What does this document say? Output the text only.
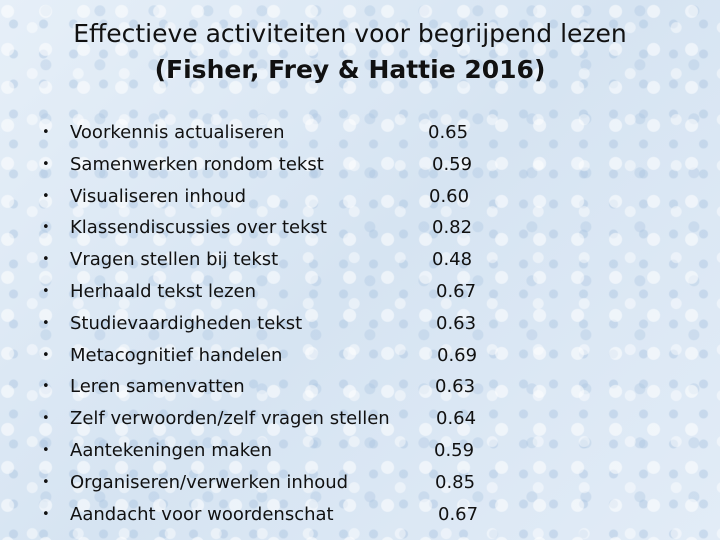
Effectieve activiteiten voor begrijpend lezen
(Fisher, Frey & Hattie 2016)
• Voorkennis actualiseren	0.65
• Samenwerken rondom tekst	0.59
• Visualiseren inhoud	0.60
• Klassendiscussies over tekst	0.82
• Vragen stellen bij tekst	0.48
• Herhaald tekst lezen	0.67
• Studievaardigheden tekst	0.63
• Metacognitief handelen	0.69
• Leren samenvatten	0.63
• Zelf verwoorden/zelf vragen stellen	0.64
• Aantekeningen maken	0.59
• Organiseren/verwerken inhoud	0.85
• Aandacht voor woordenschat	0.67
